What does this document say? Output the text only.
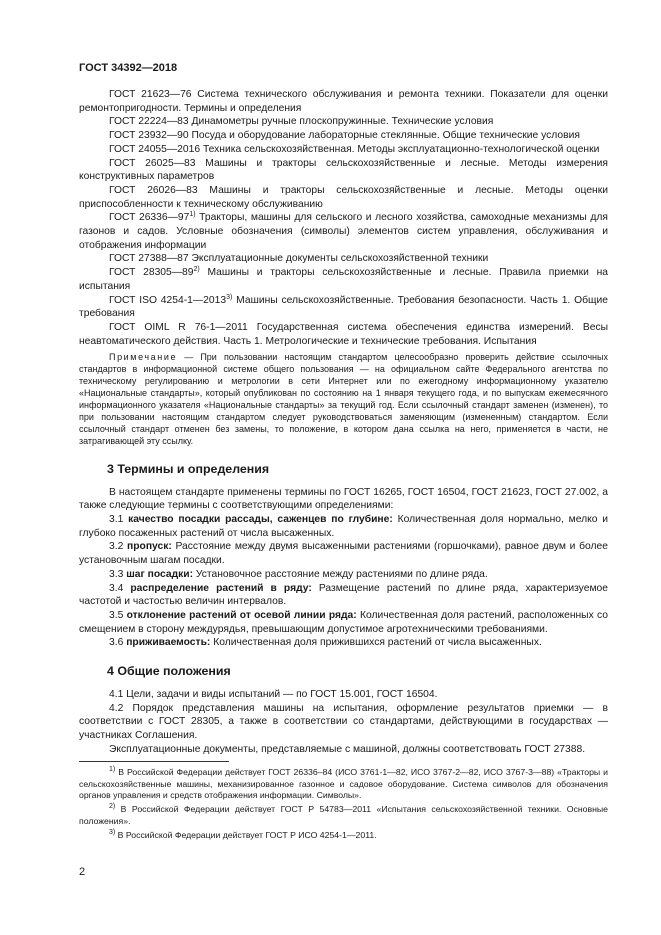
ГОСТ 34392—2018

ГОСТ 21623—76 Система технического обслуживания и ремонта техники. Показатели для оценки ремонтопригодности. Термины и определения

ГОСТ 22224—83 Динамометры ручные плоскопружинные. Технические условия

ГОСТ 23932—90 Посуда и оборудование лабораторные стеклянные. Общие технические условия

ГОСТ 24055—2016 Техника сельскохозяйственная. Методы эксплуатационно-технологической оценки

ГОСТ 26025—83 Машины и тракторы сельскохозяйственные и лесные. Методы измерения конструктивных параметров

ГОСТ 26026—83 Машины и тракторы сельскохозяйственные и лесные. Методы оценки приспособленности к техническому обслуживанию

ГОСТ 26336—97$^{1)}$ Тракторы, машины для сельского и лесного хозяйства, самоходные механизмы для газонов и садов. Условные обозначения (символы) элементов систем управления, обслуживания и отображения информации

ГОСТ 27388—87 Эксплуатационные документы сельскохозяйственной техники

ГОСТ 28305—89$^{2)}$ Машины и тракторы сельскохозяйственные и лесные. Правила приемки на испытания

ГОСТ ISO 4254-1—2013$^{3)}$ Машины сельскохозяйственные. Требования безопасности. Часть 1. Общие требования

ГОСТ OIML R 76-1—2011 Государственная система обеспечения единства измерений. Весы неавтоматического действия. Часть 1. Метрологические и технические требования. Испытания

Примечание — При пользовании настоящим стандартом целесообразно проверить действие ссылочных стандартов в информационной системе общего пользования — на официальном сайте Федерального агентства по техническому регулированию и метрологии в сети Интернет или по ежегодному информационному указателю «Национальные стандарты», который опубликован по состоянию на 1 января текущего года, и по выпускам ежемесячного информационного указателя «Национальные стандарты» за текущий год. Если ссылочный стандарт заменен (изменен), то при пользовании настоящим стандартом следует руководствоваться заменяющим (измененным) стандартом. Если ссылочный стандарт отменен без замены, то положение, в котором дана ссылка на него, применяется в части, не затрагивающей эту ссылку.

3 Термины и определения

В настоящем стандарте применены термины по ГОСТ 16265, ГОСТ 16504, ГОСТ 21623, ГОСТ 27.002, а также следующие термины с соответствующими определениями:

3.1 качество посадки рассады, саженцев по глубине: Количественная доля нормально, мелко и глубоко посаженных растений от числа высаженных.

3.2 пропуск: Расстояние между двумя высаженными растениями (горшочками), равное двум и более установочным шагам посадки.

3.3 шаг посадки: Установочное расстояние между растениями по длине ряда.

3.4 распределение растений в ряду: Размещение растений по длине ряда, характеризуемое частотой и частостью величин интервалов.

3.5 отклонение растений от осевой линии ряда: Количественная доля растений, расположенных со смещением в сторону междурядья, превышающим допустимое агротехническими требованиями.

3.6 приживаемость: Количественная доля прижившихся растений от числа высаженных.

4 Общие положения

4.1 Цели, задачи и виды испытаний — по ГОСТ 15.001, ГОСТ 16504.

4.2 Порядок представления машины на испытания, оформление результатов приемки — в соответствии с ГОСТ 28305, а также в соответствии со стандартами, действующими в государствах — участниках Соглашения.

Эксплуатационные документы, представляемые с машиной, должны соответствовать ГОСТ 27388.

$^{1)}$ В Российской Федерации действует ГОСТ 26336–84 (ИСО 3761-1—82, ИСО 3767-2—82, ИСО 3767-3—88) «Тракторы и сельскохозяйственные машины, механизированное газонное и садовое оборудование. Система символов для обозначения органов управления и средств отображения информации. Символы».

$^{2)}$ В Российской Федерации действует ГОСТ Р 54783—2011 «Испытания сельскохозяйственной техники. Основные положения».

$^{3)}$ В Российской Федерации действует ГОСТ Р ИСО 4254-1—2011.

2
